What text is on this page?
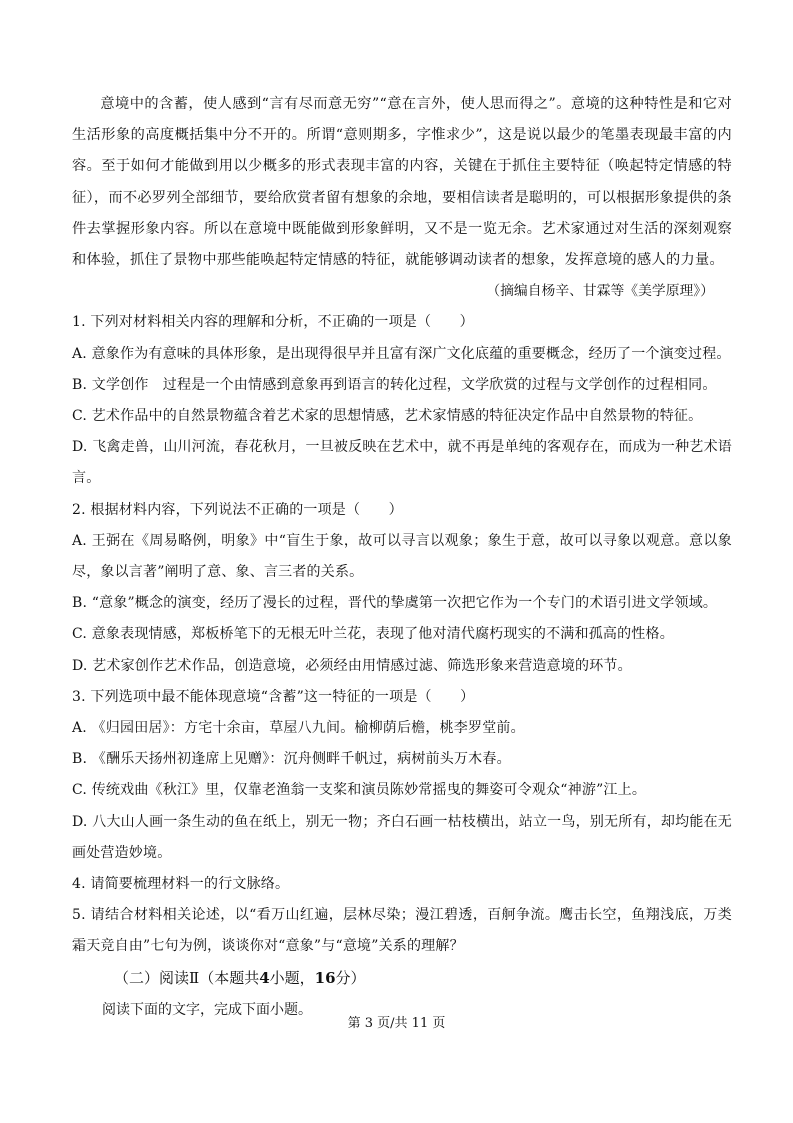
意境中的含蓄，使人感到“言有尽而意无穷”“意在言外，使人思而得之”。意境的这种特性是和它对生活形象的高度概括集中分不开的。所谓“意则期多，字惟求少”，这是说以最少的笔墨表现最丰富的内容。至于如何才能做到用以少概多的形式表现丰富的内容，关键在于抓住主要特征（唤起特定情感的特征），而不必罗列全部细节，要给欣赏者留有想象的余地，要相信读者是聪明的，可以根据形象提供的条件去掌握形象内容。所以在意境中既能做到形象鲜明，又不是一览无余。艺术家通过对生活的深刻观察和体验，抓住了景物中那些能唤起特定情感的特征，就能够调动读者的想象，发挥意境的感人的力量。

（摘编自杨辛、甘霖等《美学原理》）

1. 下列对材料相关内容的理解和分析，不正确的一项是（　　）

A. 意象作为有意味的具体形象，是出现得很早并且富有深广文化底蕴的重要概念，经历了一个演变过程。

B. 文学创作　过程是一个由情感到意象再到语言的转化过程，文学欣赏的过程与文学创作的过程相同。

C. 艺术作品中的自然景物蕴含着艺术家的思想情感，艺术家情感的特征决定作品中自然景物的特征。

D. 飞禽走兽，山川河流，春花秋月，一旦被反映在艺术中，就不再是单纯的客观存在，而成为一种艺术语言。

2. 根据材料内容，下列说法不正确的一项是（　　）

A. 王弼在《周易略例，明象》中“盲生于象，故可以寻言以观象；象生于意，故可以寻象以观意。意以象尽，象以言著”阐明了意、象、言三者的关系。

B. “意象”概念的演变，经历了漫长的过程，晋代的挚虞第一次把它作为一个专门的术语引进文学领域。

C. 意象表现情感，郑板桥笔下的无根无叶兰花，表现了他对清代腐朽现实的不满和孤高的性格。

D. 艺术家创作艺术作品，创造意境，必须经由用情感过滤、筛选形象来营造意境的环节。

3. 下列选项中最不能体现意境“含蓄”这一特征的一项是（　　）

A. 《归园田居》：方宅十余亩，草屋八九间。榆柳荫后檐，桃李罗堂前。

B. 《酬乐天扬州初逢席上见赠》：沉舟侧畔千帆过，病树前头万木春。

C. 传统戏曲《秋江》里，仅靠老渔翁一支桨和演员陈妙常摇曳的舞姿可令观众“神游”江上。

D. 八大山人画一条生动的鱼在纸上，别无一物；齐白石画一枯枝横出，站立一鸟，别无所有，却均能在无画处营造妙境。

4. 请简要梳理材料一的行文脉络。

5. 请结合材料相关论述，以“看万山红遍，层林尽染；漫江碧透，百舸争流。鹰击长空，鱼翔浅底，万类霜天竞自由”七句为例，谈谈你对“意象”与“意境”关系的理解？

（二）阅读Ⅱ（本题共4小题，16分）

阅读下面的文字，完成下面小题。

第 3 页/共 11 页
